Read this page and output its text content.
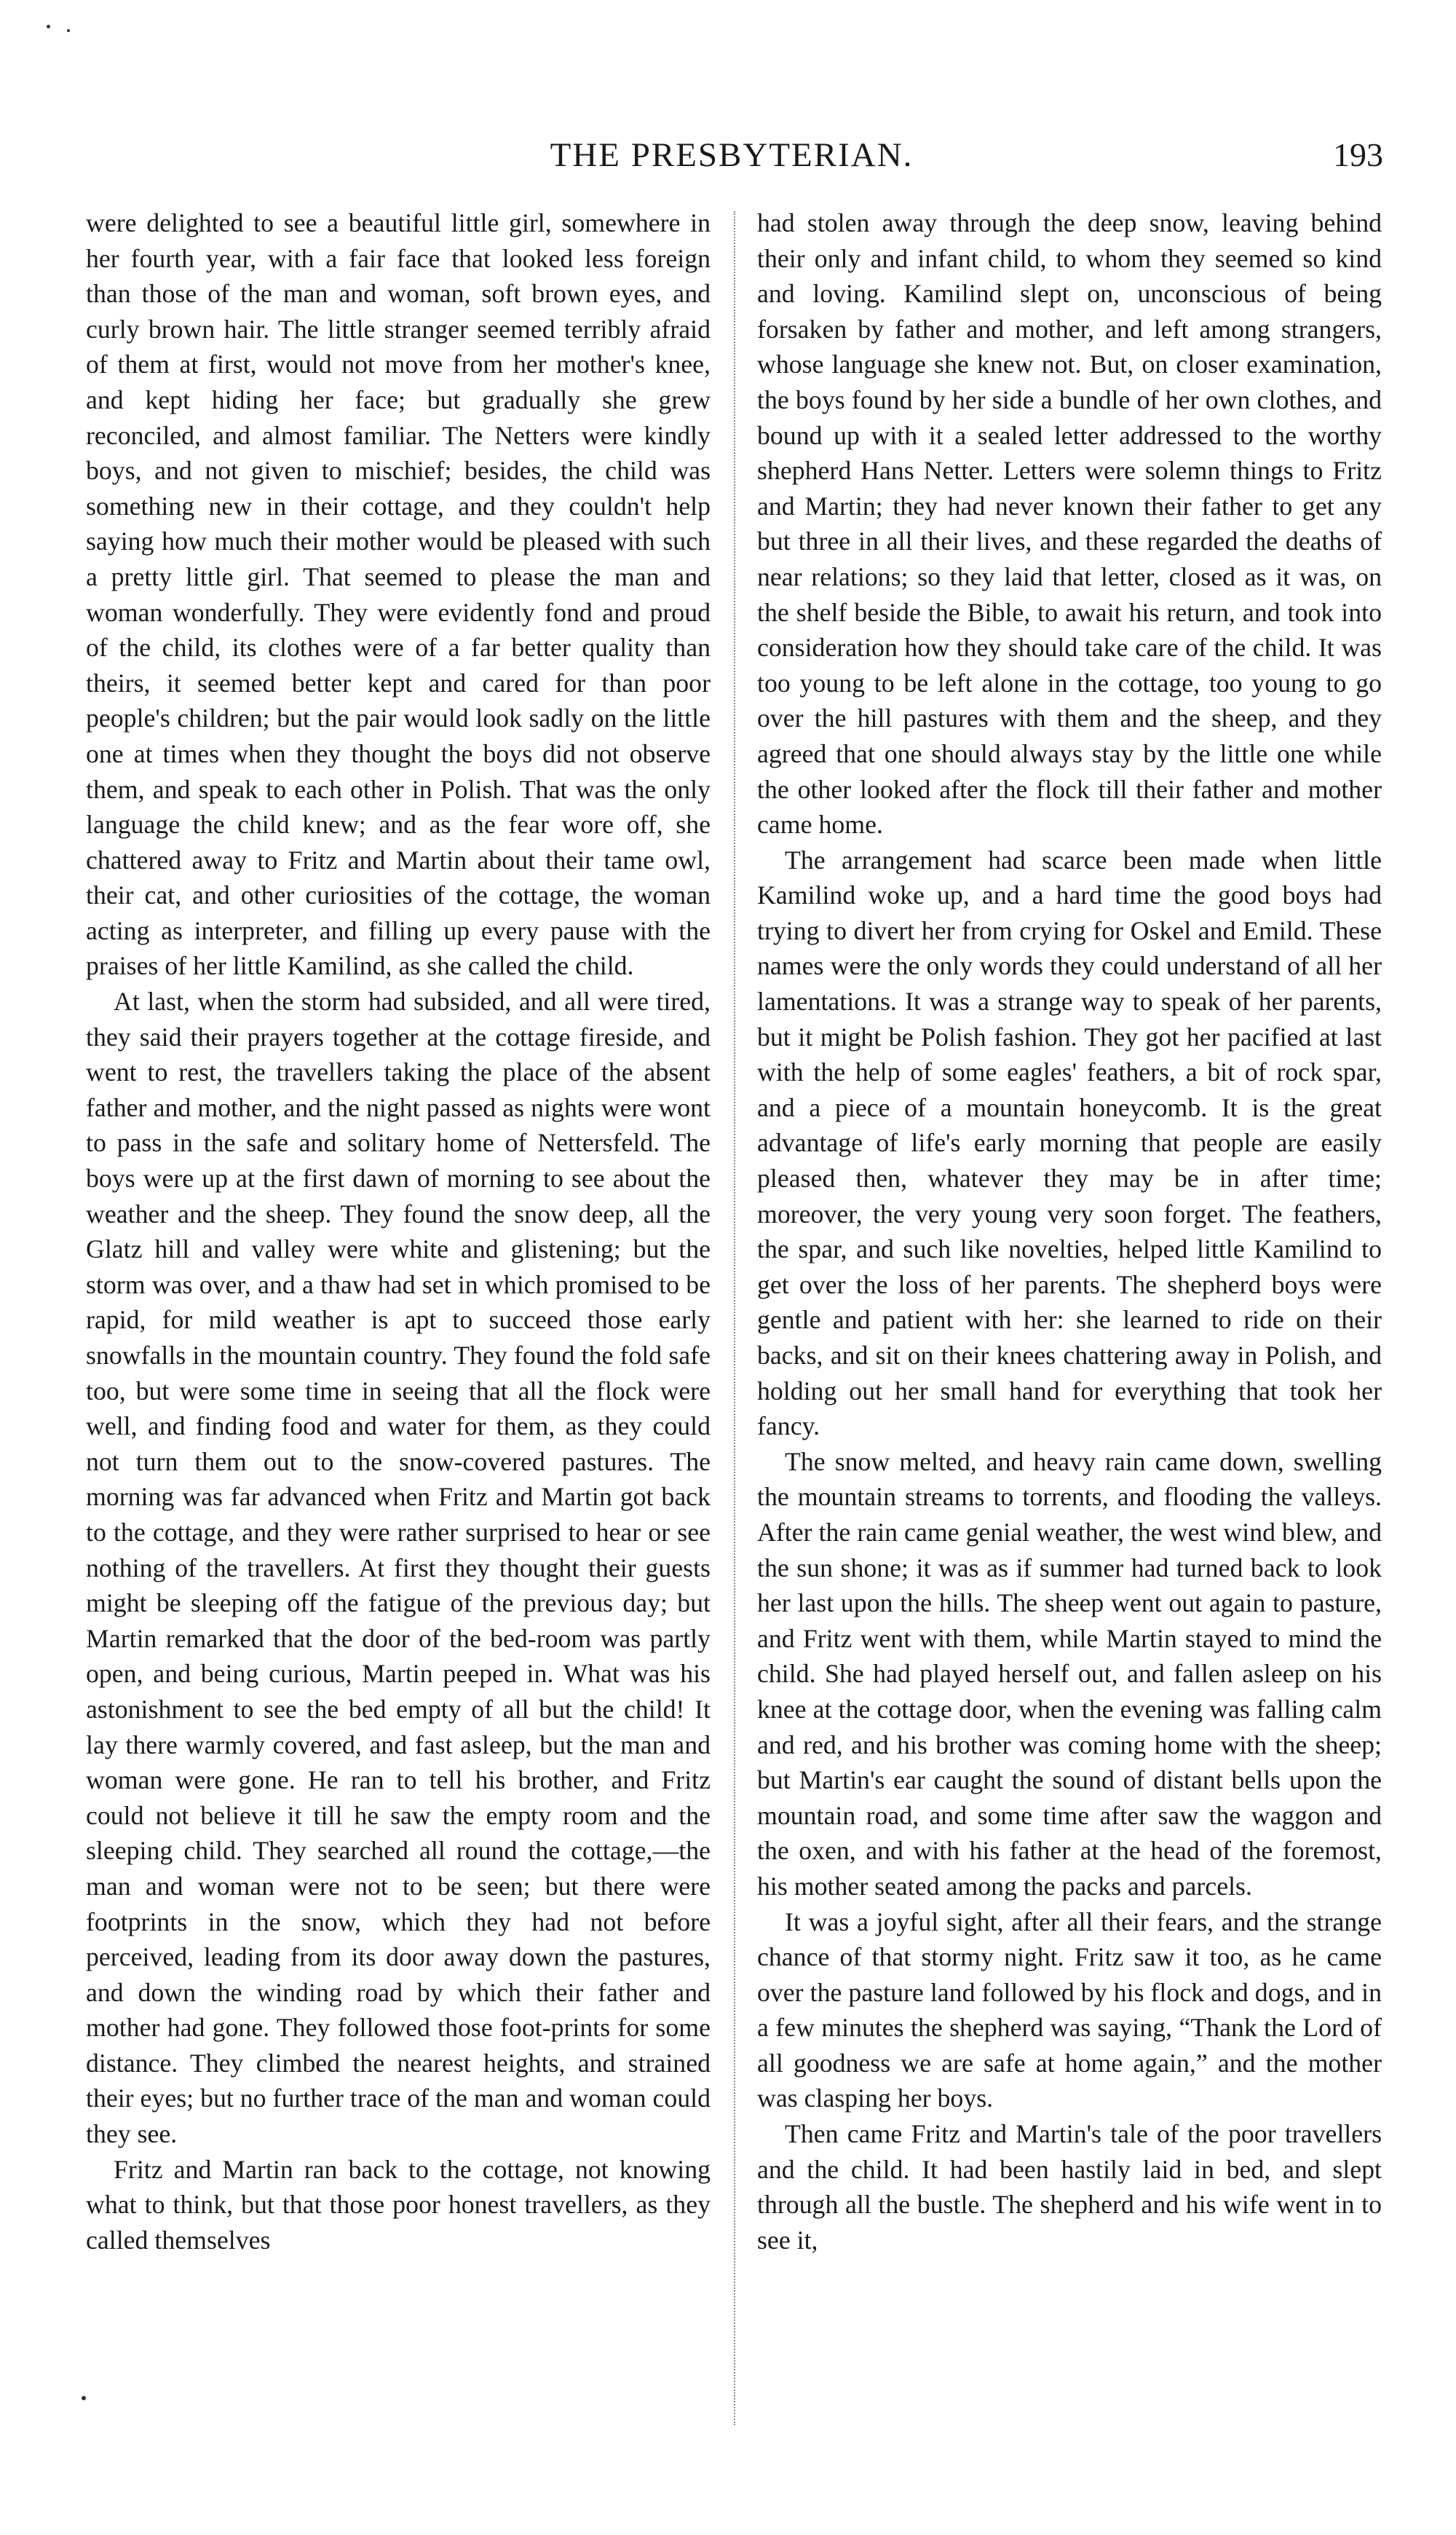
THE PRESBYTERIAN.	193

were delighted to see a beautiful little girl, somewhere in her fourth year, with a fair face that looked less foreign than those of the man and woman, soft brown eyes, and curly brown hair. The little stranger seemed terribly afraid of them at first, would not move from her mother's knee, and kept hiding her face; but gradually she grew reconciled, and almost familiar. The Netters were kindly boys, and not given to mischief; besides, the child was something new in their cottage, and they couldn't help saying how much their mother would be pleased with such a pretty little girl. That seemed to please the man and woman wonderfully. They were evidently fond and proud of the child, its clothes were of a far better quality than theirs, it seemed better kept and cared for than poor people's children; but the pair would look sadly on the little one at times when they thought the boys did not observe them, and speak to each other in Polish. That was the only language the child knew; and as the fear wore off, she chattered away to Fritz and Martin about their tame owl, their cat, and other curiosities of the cottage, the woman acting as interpreter, and filling up every pause with the praises of her little Kamilind, as she called the child.

At last, when the storm had subsided, and all were tired, they said their prayers together at the cottage fireside, and went to rest, the travellers taking the place of the absent father and mother, and the night passed as nights were wont to pass in the safe and solitary home of Nettersfeld. The boys were up at the first dawn of morning to see about the weather and the sheep. They found the snow deep, all the Glatz hill and valley were white and glistening; but the storm was over, and a thaw had set in which promised to be rapid, for mild weather is apt to succeed those early snowfalls in the mountain country. They found the fold safe too, but were some time in seeing that all the flock were well, and finding food and water for them, as they could not turn them out to the snow-covered pastures. The morning was far advanced when Fritz and Martin got back to the cottage, and they were rather surprised to hear or see nothing of the travellers. At first they thought their guests might be sleeping off the fatigue of the previous day; but Martin remarked that the door of the bed-room was partly open, and being curious, Martin peeped in. What was his astonishment to see the bed empty of all but the child! It lay there warmly covered, and fast asleep, but the man and woman were gone. He ran to tell his brother, and Fritz could not believe it till he saw the empty room and the sleeping child. They searched all round the cottage,—the man and woman were not to be seen; but there were footprints in the snow, which they had not before perceived, leading from its door away down the pastures, and down the winding road by which their father and mother had gone. They followed those foot-prints for some distance. They climbed the nearest heights, and strained their eyes; but no further trace of the man and woman could they see.

Fritz and Martin ran back to the cottage, not knowing what to think, but that those poor honest travellers, as they called themselves

had stolen away through the deep snow, leaving behind their only and infant child, to whom they seemed so kind and loving. Kamilind slept on, unconscious of being forsaken by father and mother, and left among strangers, whose language she knew not. But, on closer examination, the boys found by her side a bundle of her own clothes, and bound up with it a sealed letter addressed to the worthy shepherd Hans Netter. Letters were solemn things to Fritz and Martin; they had never known their father to get any but three in all their lives, and these regarded the deaths of near relations; so they laid that letter, closed as it was, on the shelf beside the Bible, to await his return, and took into consideration how they should take care of the child. It was too young to be left alone in the cottage, too young to go over the hill pastures with them and the sheep, and they agreed that one should always stay by the little one while the other looked after the flock till their father and mother came home.

The arrangement had scarce been made when little Kamilind woke up, and a hard time the good boys had trying to divert her from crying for Oskel and Emild. These names were the only words they could understand of all her lamentations. It was a strange way to speak of her parents, but it might be Polish fashion. They got her pacified at last with the help of some eagles' feathers, a bit of rock spar, and a piece of a mountain honeycomb. It is the great advantage of life's early morning that people are easily pleased then, whatever they may be in after time; moreover, the very young very soon forget. The feathers, the spar, and such like novelties, helped little Kamilind to get over the loss of her parents. The shepherd boys were gentle and patient with her: she learned to ride on their backs, and sit on their knees chattering away in Polish, and holding out her small hand for everything that took her fancy.

The snow melted, and heavy rain came down, swelling the mountain streams to torrents, and flooding the valleys. After the rain came genial weather, the west wind blew, and the sun shone; it was as if summer had turned back to look her last upon the hills. The sheep went out again to pasture, and Fritz went with them, while Martin stayed to mind the child. She had played herself out, and fallen asleep on his knee at the cottage door, when the evening was falling calm and red, and his brother was coming home with the sheep; but Martin's ear caught the sound of distant bells upon the mountain road, and some time after saw the waggon and the oxen, and with his father at the head of the foremost, his mother seated among the packs and parcels.

It was a joyful sight, after all their fears, and the strange chance of that stormy night. Fritz saw it too, as he came over the pasture land followed by his flock and dogs, and in a few minutes the shepherd was saying, “Thank the Lord of all goodness we are safe at home again,” and the mother was clasping her boys.

Then came Fritz and Martin's tale of the poor travellers and the child. It had been hastily laid in bed, and slept through all the bustle. The shepherd and his wife went in to see it,
